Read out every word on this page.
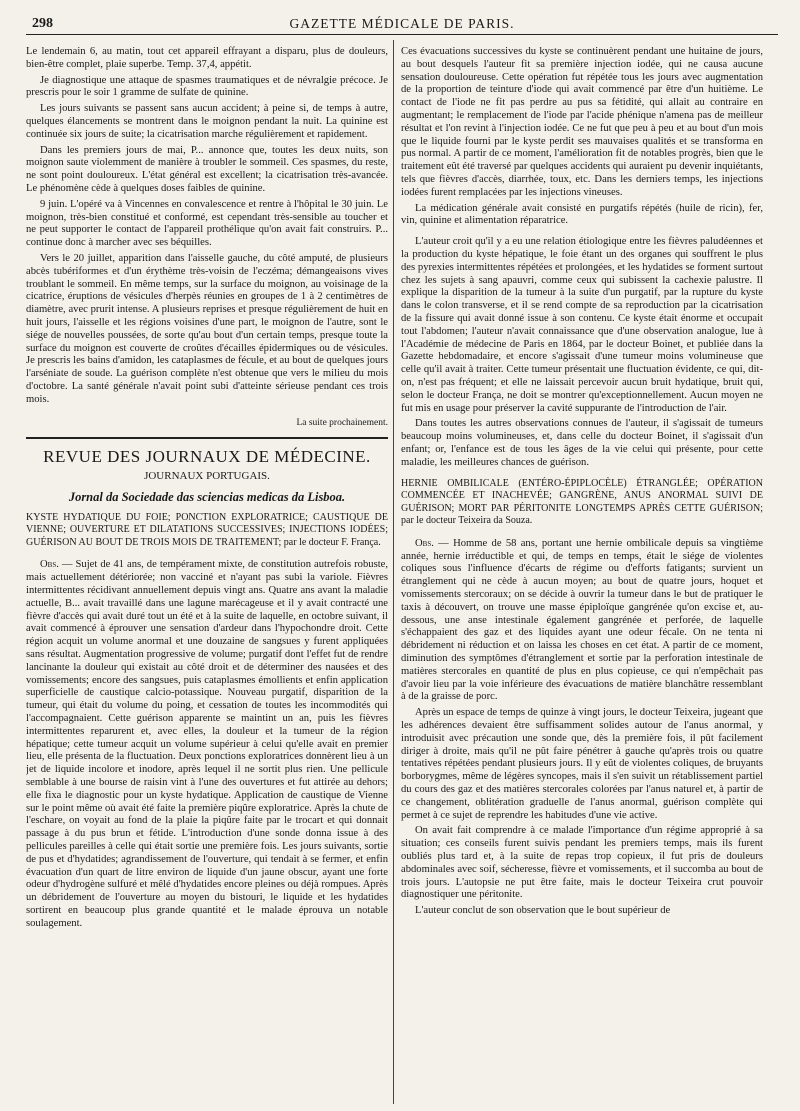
298	GAZETTE MÉDICALE DE PARIS.

Le lendemain 6, au matin, tout cet appareil effrayant a disparu, plus de douleurs, bien-être complet, plaie superbe. Temp. 37,4, appétit.

Je diagnostique une attaque de spasmes traumatiques et de névralgie précoce. Je prescris pour le soir 1 gramme de sulfate de quinine.

Les jours suivants se passent sans aucun accident; à peine si, de temps à autre, quelques élancements se montrent dans le moignon pendant la nuit. La quinine est continuée six jours de suite; la cicatrisation marche régulièrement et rapidement.

Dans les premiers jours de mai, P... annonce que, toutes les deux nuits, son moignon saute violemment de manière à troubler le sommeil. Ces spasmes, du reste, ne sont point douloureux. L'état général est excellent; la cicatrisation très-avancée. Le phénomène cède à quelques doses faibles de quinine.

9 juin. L'opéré va à Vincennes en convalescence et rentre à l'hôpital le 30 juin. Le moignon, très-bien constitué et conformé, est cependant très-sensible au toucher et ne peut supporter le contact de l'appareil prothélique qu'on avait fait construirs. P... continue donc à marcher avec ses béquilles.

Vers le 20 juillet, apparition dans l'aisselle gauche, du côté amputé, de plusieurs abcès tubériformes et d'un érythème très-voisin de l'eczéma; démangeaisons vives troublant le sommeil. En même temps, sur la surface du moignon, au voisinage de la cicatrice, éruptions de vésicules d'herpès réunies en groupes de 1 à 2 centimètres de diamètre, avec prurit intense. A plusieurs reprises et presque régulièrement de huit en huit jours, l'aisselle et les régions voisines d'une part, le moignon de l'autre, sont le siége de nouvelles poussées, de sorte qu'au bout d'un certain temps, presque toute la surface du moignon est couverte de croûtes d'écailles épidermiques ou de vésicules. Je prescris les bains d'amidon, les cataplasmes de fécule, et au bout de quelques jours l'arséniate de soude. La guérison complète n'est obtenue que vers le milieu du mois d'octobre. La santé générale n'avait point subi d'atteinte sérieuse pendant ces trois mois.

La suite prochainement.
REVUE DES JOURNAUX DE MÉDECINE.
JOURNAUX PORTUGAIS.
Jornal da Sociedade das sciencias medicas da Lisboa.
KYSTE HYDATIQUE DU FOIE; PONCTION EXPLORATRICE; CAUSTIQUE DE VIENNE; OUVERTURE ET DILATATIONS SUCCESSIVES; INJECTIONS IODÉES; GUÉRISON AU BOUT DE TROIS MOIS DE TRAITEMENT; par le docteur F. França.

Obs. — Sujet de 41 ans, de tempérament mixte, de constitution autrefois robuste, mais actuellement détériorée; non vacciné et n'ayant pas subi la variole. Fièvres intermittentes récidivant annuellement depuis vingt ans. Quatre ans avant la maladie actuelle, B... avait travaillé dans une lagune marécageuse et il y avait contracté une fièvre d'accès qui avait duré tout un été et à la suite de laquelle, en octobre suivant, il avait commencé à éprouver une sensation d'ardeur dans l'hypochondre droit. Cette région acquit un volume anormal et une douzaine de sangsues y furent appliquées sans résultat. Augmentation progressive de volume; purgatif dont l'effet fut de rendre lancinante la douleur qui existait au côté droit et de déterminer des nausées et des vomissements; encore des sangsues, puis cataplasmes émollients et enfin application superficielle de caustique calcio-potassique. Nouveau purgatif, disparition de la tumeur, qui était du volume du poing, et cessation de toutes les incommodités qui l'accompagnaient. Cette guérison apparente se maintint un an, puis les fièvres intermittentes reparurent et, avec elles, la douleur et la tumeur de la région hépatique; cette tumeur acquit un volume supérieur à celui qu'elle avait en premier lieu, elle présenta de la fluctuation. Deux ponctions exploratrices donnèrent lieu à un jet de liquide incolore et inodore, après lequel il ne sortit plus rien. Une pellicule semblable à une bourse de raisin vint à l'une des ouvertures et fut attirée au dehors; elle fixa le diagnostic pour un kyste hydatique. Application de caustique de Vienne sur le point même où avait été faite la première piqûre exploratrice. Après la chute de l'eschare, on voyait au fond de la plaie la piqûre faite par le trocart et qui donnait passage à du pus brun et fétide. L'introduction d'une sonde donna issue à des pellicules pareilles à celle qui était sortie une première fois. Les jours suivants, sortie de pus et d'hydatides; agrandissement de l'ouverture, qui tendait à se fermer, et enfin évacuation d'un quart de litre environ de liquide d'un jaune obscur, ayant une forte odeur d'hydrogène sulfuré et mêlé d'hydatides encore pleines ou déjà rompues. Après un débridement de l'ouverture au moyen du bistouri, le liquide et les hydatides sortirent en beaucoup plus grande quantité et le malade éprouva un notable soulagement.

Ces évacuations successives du kyste se continuèrent pendant une huitaine de jours, au bout desquels l'auteur fit sa première injection iodée, qui ne causa aucune sensation douloureuse. Cette opération fut répétée tous les jours avec augmentation de la proportion de teinture d'iode qui avait commencé par être d'un huitième. Le contact de l'iode ne fit pas perdre au pus sa fétidité, qui allait au contraire en augmentant; le remplacement de l'iode par l'acide phénique n'amena pas de meilleur résultat et l'on revint à l'injection iodée. Ce ne fut que peu à peu et au bout d'un mois que le liquide fourni par le kyste perdit ses mauvaises qualités et se transforma en pus normal. A partir de ce moment, l'amélioration fit de notables progrès, bien que le traitement eût été traversé par quelques accidents qui auraient pu devenir inquiétants, tels que fièvres d'accès, diarrhée, toux, etc. Dans les derniers temps, les injections iodées furent remplacées par les injections vineuses.

La médication générale avait consisté en purgatifs répétés (huile de ricin), fer, vin, quinine et alimentation réparatrice.

L'auteur croit qu'il y a eu une relation étiologique entre les fièvres paludéennes et la production du kyste hépatique, le foie étant un des organes qui souffrent le plus des pyrexies intermittentes répétées et prolongées, et les hydatides se forment surtout chez les sujets à sang apauvri, comme ceux qui subissent la cachexie palustre. Il explique la disparition de la tumeur à la suite d'un purgatif, par la rupture du kyste dans le colon transverse, et il se rend compte de sa reproduction par la cicatrisation de la fissure qui avait donné issue à son contenu. Ce kyste était énorme et occupait tout l'abdomen; l'auteur n'avait connaissance que d'une observation analogue, lue à l'Académie de médecine de Paris en 1864, par le docteur Boinet, et publiée dans la Gazette hebdomadaire, et encore s'agissait d'une tumeur moins volumineuse que celle qu'il avait à traiter. Cette tumeur présentait une fluctuation évidente, ce qui, dit-on, n'est pas fréquent; et elle ne laissait percevoir aucun bruit hydatique, bruit qui, selon le docteur França, ne doit se montrer qu'exceptionnellement. Aucun moyen ne fut mis en usage pour préserver la cavité suppurante de l'introduction de l'air.

Dans toutes les autres observations connues de l'auteur, il s'agissait de tumeurs beaucoup moins volumineuses, et, dans celle du docteur Boinet, il s'agissait d'un enfant; or, l'enfance est de tous les âges de la vie celui qui présente, pour cette maladie, les meilleures chances de guérison.

HERNIE OMBILICALE (ENTÉRO-ÉPIPLOCÈLE) ÉTRANGLÉE; OPÉRATION COMMENCÉE ET INACHEVÉE; GANGRÈNE, ANUS ANORMAL SUIVI DE GUÉRISON; MORT PAR PÉRITONITE LONGTEMPS APRÈS CETTE GUÉRISON; par le docteur Teixeira da Souza.

Obs. — Homme de 58 ans, portant une hernie ombilicale depuis sa vingtième année, hernie irréductible et qui, de temps en temps, était le siége de violentes coliques sous l'influence d'écarts de régime ou d'efforts fatigants; survient un étranglement qui ne cède à aucun moyen; au bout de quatre jours, hoquet et vomissements stercoraux; on se décide à ouvrir la tumeur dans le but de pratiquer le taxis à découvert, on trouve une masse épiploïque gangrénée qu'on excise et, au-dessous, une anse intestinale également gangrénée et perforée, de laquelle s'échappaient des gaz et des liquides ayant une odeur fécale. On ne tenta ni débridement ni réduction et on laissa les choses en cet état. A partir de ce moment, diminution des symptômes d'étranglement et sortie par la perforation intestinale de matières stercorales en quantité de plus en plus copieuse, ce qui n'empêchait pas d'avoir lieu par la voie inférieure des évacuations de matière blanchâtre ressemblant à de la graisse de porc.

Après un espace de temps de quinze à vingt jours, le docteur Teixeira, jugeant que les adhérences devaient être suffisamment solides autour de l'anus anormal, y introduisit avec précaution une sonde que, dès la première fois, il pût facilement diriger à droite, mais qu'il ne pût faire pénétrer à gauche qu'après trois ou quatre tentatives répétées pendant plusieurs jours. Il y eût de violentes coliques, de bruyants borborygmes, même de légères syncopes, mais il s'en suivit un rétablissement partiel du cours des gaz et des matières stercorales colorées par l'anus naturel et, à partir de ce changement, oblitération graduelle de l'anus anormal, guérison complète qui permet à ce sujet de reprendre les habitudes d'une vie active.

On avait fait comprendre à ce malade l'importance d'un régime approprié à sa situation; ces conseils furent suivis pendant les premiers temps, mais ils furent oubliés plus tard et, à la suite de repas trop copieux, il fut pris de douleurs abdominales avec soif, sécheresse, fièvre et vomissements, et il succomba au bout de trois jours. L'autopsie ne put être faite, mais le docteur Teixeira crut pouvoir diagnostiquer une péritonite.

L'auteur conclut de son observation que le bout supérieur de
